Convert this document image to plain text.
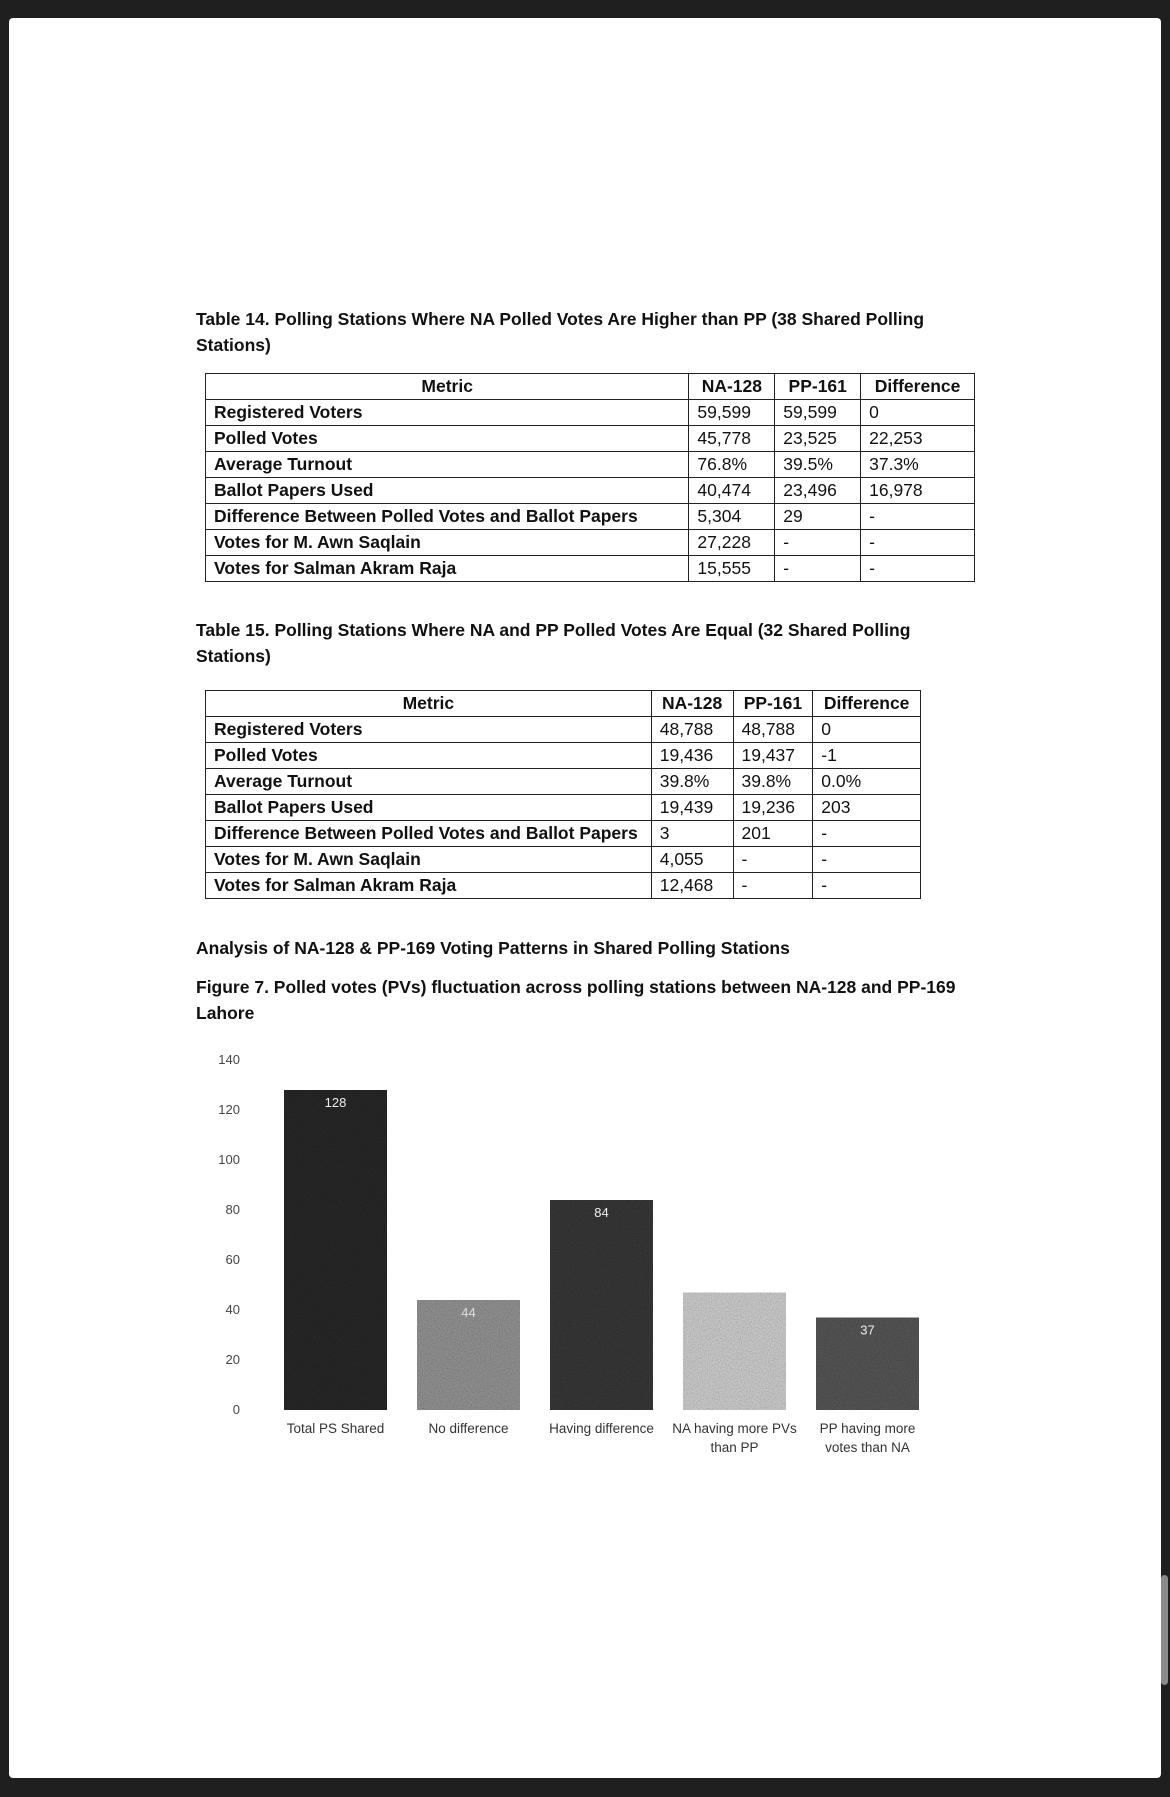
Table 14. Polling Stations Where NA Polled Votes Are Higher than PP (38 Shared Polling Stations)
Metric	NA-128	PP-161	Difference
Registered Voters	59,599	59,599	0
Polled Votes	45,778	23,525	22,253
Average Turnout	76.8%	39.5%	37.3%
Ballot Papers Used	40,474	23,496	16,978
Difference Between Polled Votes and Ballot Papers	5,304	29	-
Votes for M. Awn Saqlain	27,228	-	-
Votes for Salman Akram Raja	15,555	-	-
Table 15. Polling Stations Where NA and PP Polled Votes Are Equal (32 Shared Polling Stations)
Metric	NA-128	PP-161	Difference
Registered Voters	48,788	48,788	0
Polled Votes	19,436	19,437	-1
Average Turnout	39.8%	39.8%	0.0%
Ballot Papers Used	19,439	19,236	203
Difference Between Polled Votes and Ballot Papers	3	201	-
Votes for M. Awn Saqlain	4,055	-	-
Votes for Salman Akram Raja	12,468	-	-
Analysis of NA-128 & PP-169 Voting Patterns in Shared Polling Stations
Figure 7. Polled votes (PVs) fluctuation across polling stations between NA-128 and PP-169 Lahore
0
20
40
60
80
100
120
140
128
44
84
37
Total PS Shared	No difference	Having difference NA having more PVs
than PP
PP having more
votes than NA
